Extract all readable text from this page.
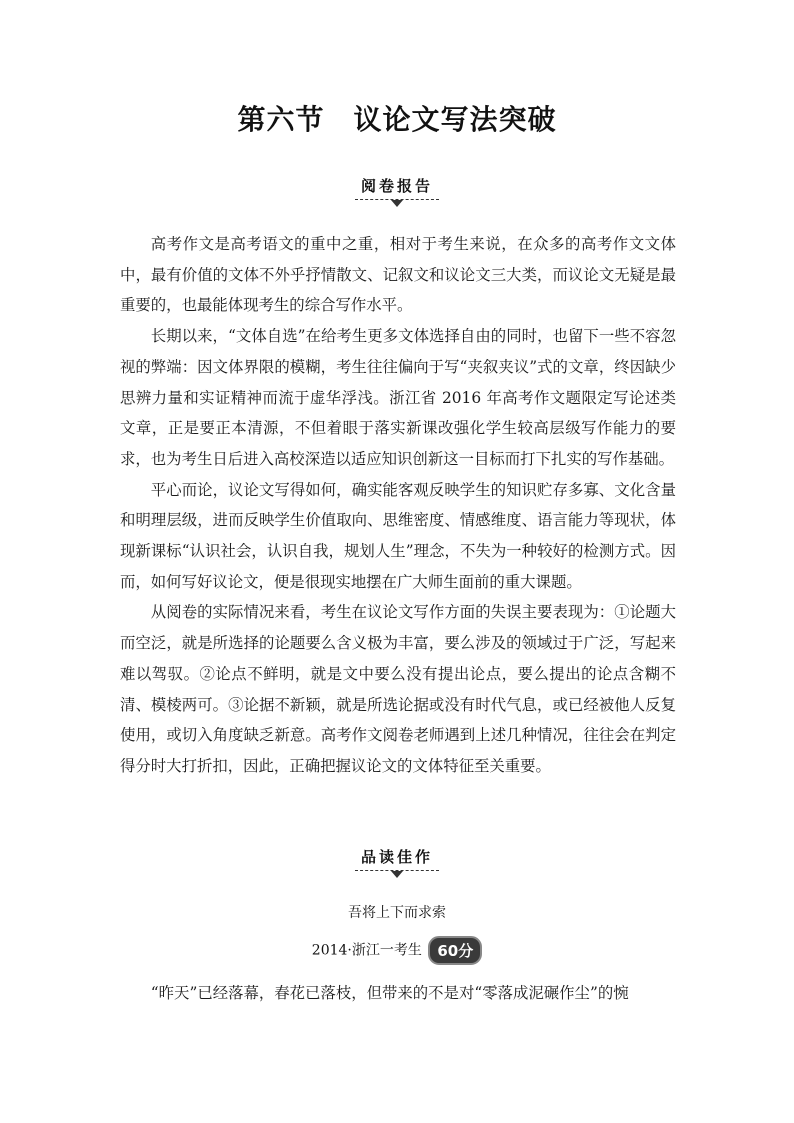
第六节　议论文写法突破
阅卷报告

高考作文是高考语文的重中之重，相对于考生来说，在众多的高考作文文体中，最有价值的文体不外乎抒情散文、记叙文和议论文三大类，而议论文无疑是最重要的，也最能体现考生的综合写作水平。

长期以来，“文体自选”在给考生更多文体选择自由的同时，也留下一些不容忽视的弊端：因文体界限的模糊，考生往往偏向于写“夹叙夹议”式的文章，终因缺少思辨力量和实证精神而流于虚华浮浅。浙江省 2016 年高考作文题限定写论述类文章，正是要正本清源，不但着眼于落实新课改强化学生较高层级写作能力的要求，也为考生日后进入高校深造以适应知识创新这一目标而打下扎实的写作基础。

平心而论，议论文写得如何，确实能客观反映学生的知识贮存多寡、文化含量和明理层级，进而反映学生价值取向、思维密度、情感维度、语言能力等现状，体现新课标“认识社会，认识自我，规划人生”理念，不失为一种较好的检测方式。因而，如何写好议论文，便是很现实地摆在广大师生面前的重大课题。

从阅卷的实际情况来看，考生在议论文写作方面的失误主要表现为：①论题大而空泛，就是所选择的论题要么含义极为丰富，要么涉及的领域过于广泛，写起来难以驾驭。②论点不鲜明，就是文中要么没有提出论点，要么提出的论点含糊不清、模棱两可。③论据不新颖，就是所选论据或没有时代气息，或已经被他人反复使用，或切入角度缺乏新意。高考作文阅卷老师遇到上述几种情况，往往会在判定得分时大打折扣，因此，正确把握议论文的文体特征至关重要。

品读佳作
吾将上下而求索
2014·浙江一考生 60分

“昨天”已经落幕，春花已落枝，但带来的不是对“零落成泥碾作尘”的惋
